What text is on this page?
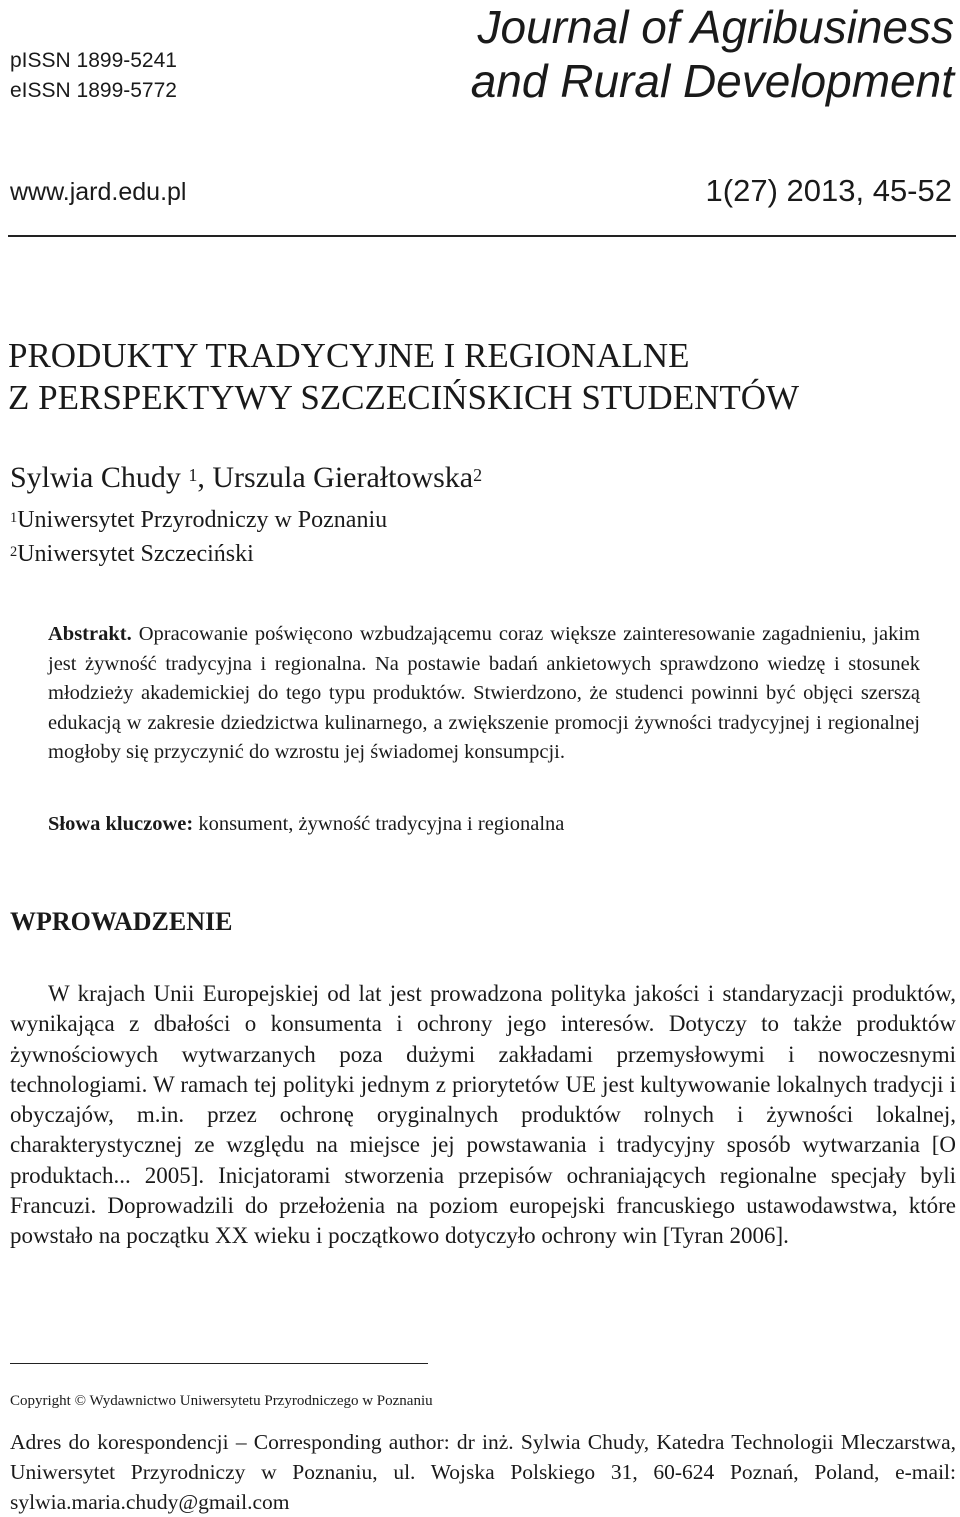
pISSN 1899-5241
eISSN 1899-5772
Journal of Agribusiness
and Rural Development
www.jard.edu.pl	1(27) 2013, 45-52
PRODUKTY TRADYCYJNE I REGIONALNE
Z PERSPEKTYWY SZCZECIŃSKICH STUDENTÓW
Sylwia Chudy $^1$, Urszula Gierałtowska$^2$
$^1$Uniwersytet Przyrodniczy w Poznaniu
$^2$Uniwersytet Szczeciński
Abstrakt. Opracowanie poświęcono wzbudzającemu coraz większe zainteresowanie zagadnieniu, jakim jest żywność tradycyjna i regionalna. Na postawie badań ankietowych sprawdzono wiedzę i stosunek młodzieży akademickiej do tego typu produktów. Stwierdzono, że studenci powinni być objęci szerszą edukacją w zakresie dziedzictwa kulinarnego, a zwiększenie promocji żywności tradycyjnej i regionalnej mogłoby się przyczynić do wzrostu jej świadomej konsumpcji.
Słowa kluczowe: konsument, żywność tradycyjna i regionalna
WPROWADZENIE
W krajach Unii Europejskiej od lat jest prowadzona polityka jakości i standaryzacji produktów, wynikająca z dbałości o konsumenta i ochrony jego interesów. Dotyczy to także produktów żywnościowych wytwarzanych poza dużymi zakładami przemysłowymi i nowoczesnymi technologiami. W ramach tej polityki jednym z priorytetów UE jest kultywowanie lokalnych tradycji i obyczajów, m.in. przez ochronę oryginalnych produktów rolnych i żywności lokalnej, charakterystycznej ze względu na miejsce jej powstawania i tradycyjny sposób wytwarzania [O produktach... 2005]. Inicjatorami stworzenia przepisów ochraniających regionalne specjały byli Francuzi. Doprowadzili do przełożenia na poziom europejski francuskiego ustawodawstwa, które powstało na początku XX wieku i początkowo dotyczyło ochrony win [Tyran 2006].
Copyright © Wydawnictwo Uniwersytetu Przyrodniczego w Poznaniu
Adres do korespondencji – Corresponding author: dr inż. Sylwia Chudy, Katedra Technologii Mleczarstwa, Uniwersytet Przyrodniczy w Poznaniu, ul. Wojska Polskiego 31, 60-624 Poznań, Poland, e-mail: sylwia.maria.chudy@gmail.com
